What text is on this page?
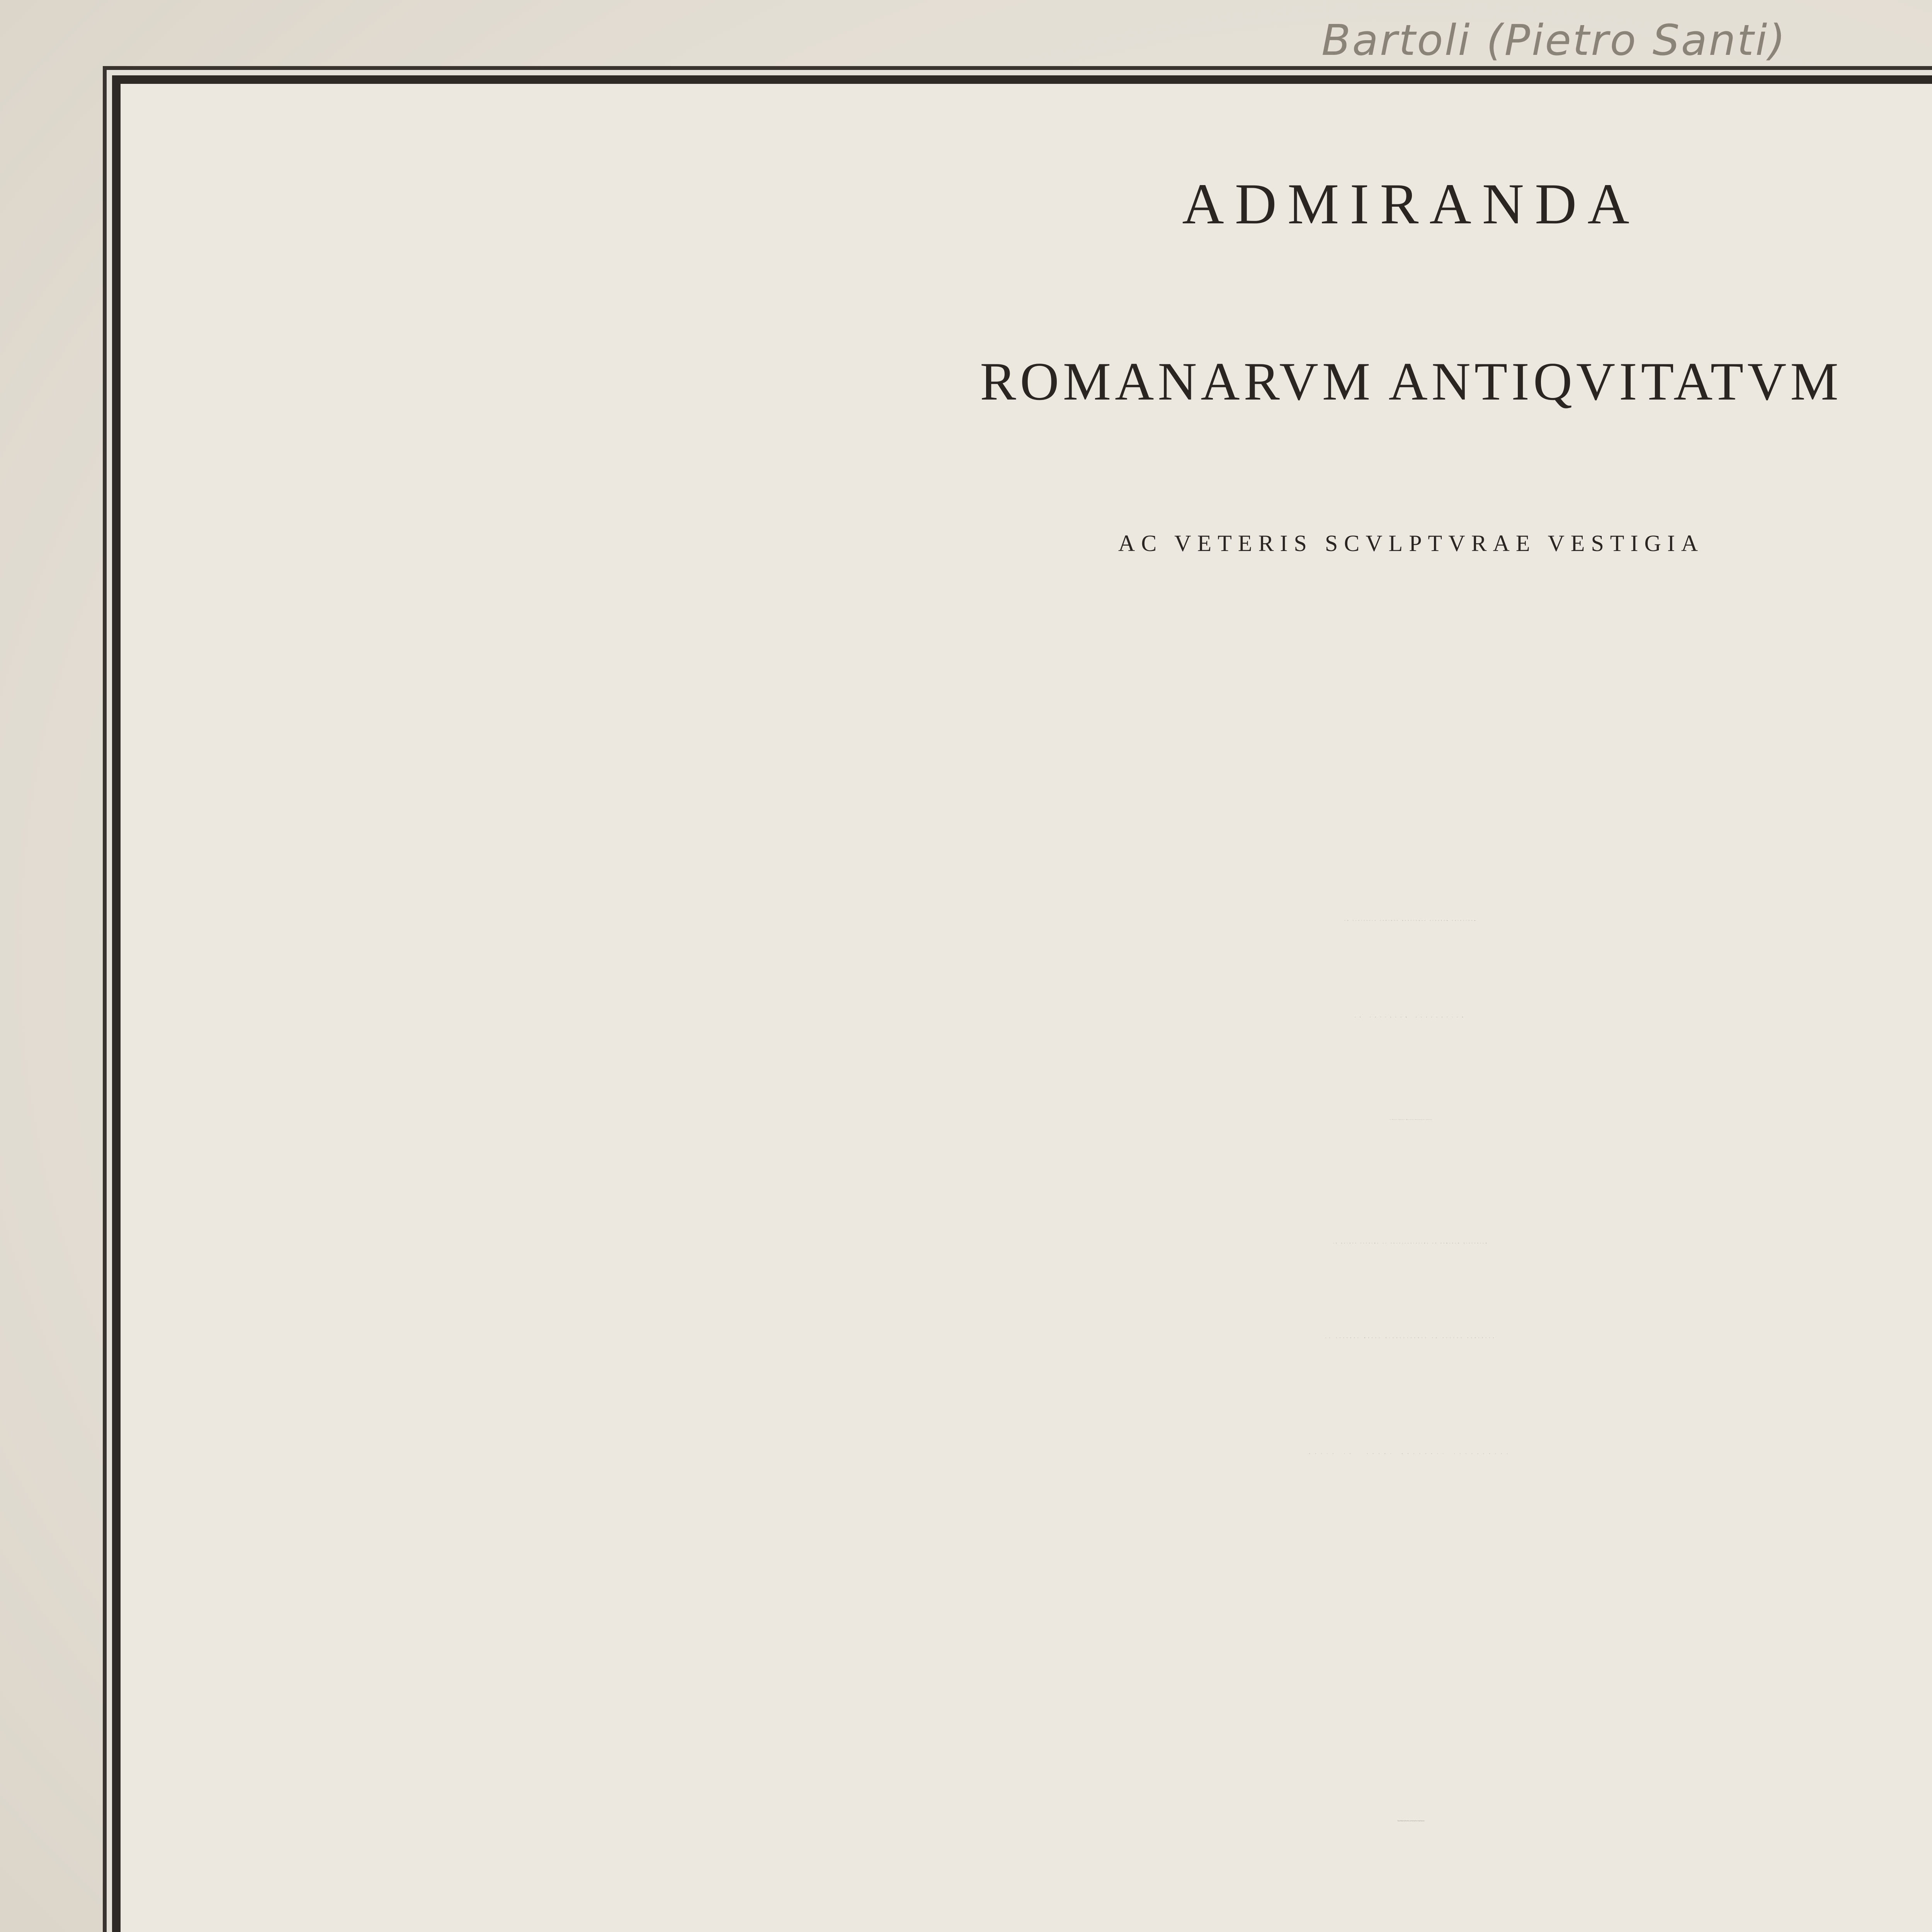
Bartoli (Pietro Santi)
ADMIRANDA
ROMANARVM ANTIQVITATVM
AC VETERIS SCVLPTVRAE VESTIGIA
IN CAPITOLIO AEDIBVS HORTISQVE VIRORVM PRINCIPVM
AD ANTIQVAM ELEGANTIAM
a Petro Sancti Bartolo delineata incisa
IN QVIBVS PLVRIMA AC PRAECLARISSIMA AD ROMANAM HISTORIAM
AC VETERES MORES DIGNOSCENDOS OB OCVLOS PONVNTVR
NOTIS IO. PETRI BELLORII ILLVSTRATA
Romæ ad Templum S.tæ M.æ de Pace, cum Priuil. Summi Pont. et Licentia Superiorum.
